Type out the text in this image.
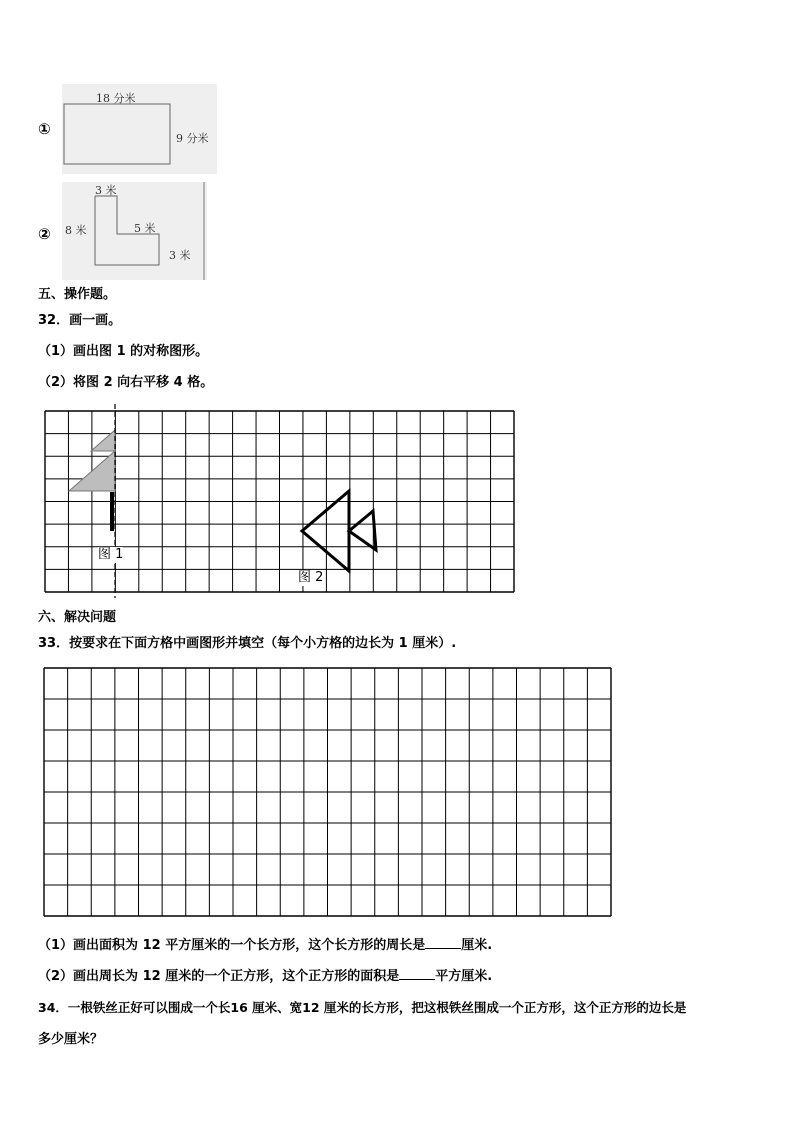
①
18 分米
9 分米
②
3 米
8 米	5 米
3 米
五、操作题。
32．画一画。
（1）画出图 1 的对称图形。
（2）将图 2 向右平移 4 格。
图 1
图 2
六、解决问题
33．按要求在下面方格中画图形并填空（每个小方格的边长为 1 厘米）.
（1）画出面积为 12 平方厘米的一个长方形，这个长方形的周长是	厘米.
（2）画出周长为 12 厘米的一个正方形，这个正方形的面积是	平方厘米.
34．一根铁丝正好可以围成一个长16 厘米、宽12 厘米的长方形，把这根铁丝围成一个正方形，这个正方形的边长是
多少厘米？
